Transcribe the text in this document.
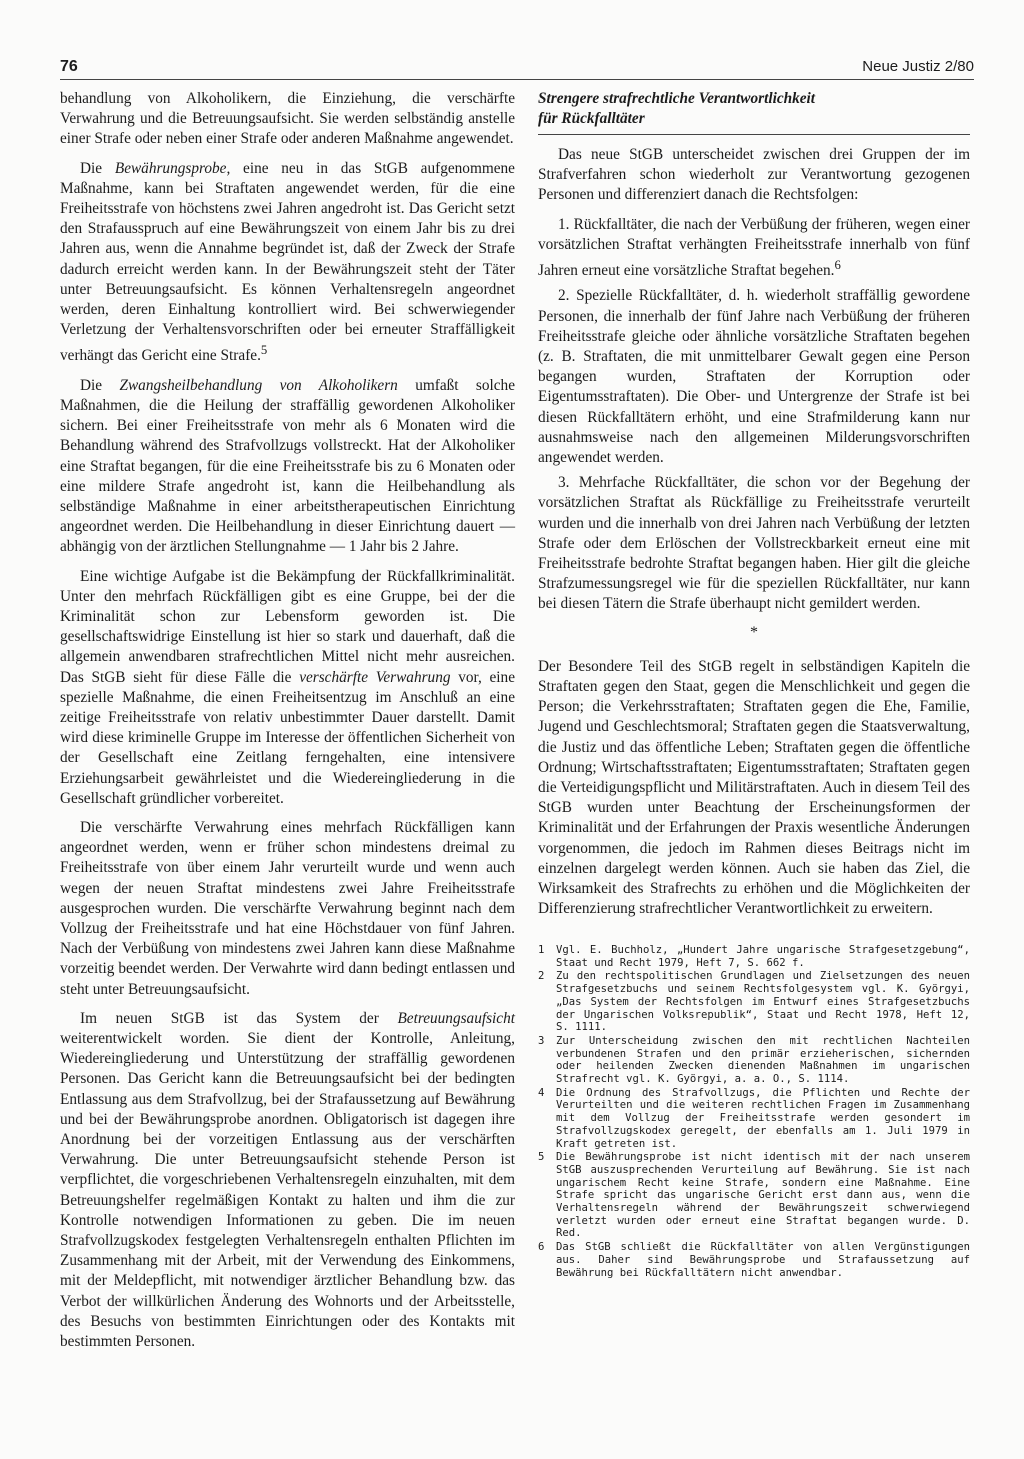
76	Neue Justiz 2/80

behandlung von Alkoholikern, die Einziehung, die verschärfte Verwahrung und die Betreuungsaufsicht. Sie werden selbständig anstelle einer Strafe oder neben einer Strafe oder anderen Maßnahme angewendet.

Die Bewährungsprobe, eine neu in das StGB aufgenommene Maßnahme, kann bei Straftaten angewendet werden, für die eine Freiheitsstrafe von höchstens zwei Jahren angedroht ist. Das Gericht setzt den Strafausspruch auf eine Bewährungszeit von einem Jahr bis zu drei Jahren aus, wenn die Annahme begründet ist, daß der Zweck der Strafe dadurch erreicht werden kann. In der Bewährungszeit steht der Täter unter Betreuungsaufsicht. Es können Verhaltensregeln angeordnet werden, deren Einhaltung kontrolliert wird. Bei schwerwiegender Verletzung der Verhaltensvorschriften oder bei erneuter Straffälligkeit verhängt das Gericht eine Strafe.$^5$

Die Zwangsheilbehandlung von Alkoholikern umfaßt solche Maßnahmen, die die Heilung der straffällig gewordenen Alkoholiker sichern. Bei einer Freiheitsstrafe von mehr als 6 Monaten wird die Behandlung während des Strafvollzugs vollstreckt. Hat der Alkoholiker eine Straftat begangen, für die eine Freiheitsstrafe bis zu 6 Monaten oder eine mildere Strafe angedroht ist, kann die Heilbehandlung als selbständige Maßnahme in einer arbeitstherapeutischen Einrichtung angeordnet werden. Die Heilbehandlung in dieser Einrichtung dauert — abhängig von der ärztlichen Stellungnahme — 1 Jahr bis 2 Jahre.

Eine wichtige Aufgabe ist die Bekämpfung der Rückfallkriminalität. Unter den mehrfach Rückfälligen gibt es eine Gruppe, bei der die Kriminalität schon zur Lebensform geworden ist. Die gesellschaftswidrige Einstellung ist hier so stark und dauerhaft, daß die allgemein anwendbaren strafrechtlichen Mittel nicht mehr ausreichen. Das StGB sieht für diese Fälle die verschärfte Verwahrung vor, eine spezielle Maßnahme, die einen Freiheitsentzug im Anschluß an eine zeitige Freiheitsstrafe von relativ unbestimmter Dauer darstellt. Damit wird diese kriminelle Gruppe im Interesse der öffentlichen Sicherheit von der Gesellschaft eine Zeitlang ferngehalten, eine intensivere Erziehungsarbeit gewährleistet und die Wiedereingliederung in die Gesellschaft gründlicher vorbereitet.

Die verschärfte Verwahrung eines mehrfach Rückfälligen kann angeordnet werden, wenn er früher schon mindestens dreimal zu Freiheitsstrafe von über einem Jahr verurteilt wurde und wenn auch wegen der neuen Straftat mindestens zwei Jahre Freiheitsstrafe ausgesprochen wurden. Die verschärfte Verwahrung beginnt nach dem Vollzug der Freiheitsstrafe und hat eine Höchstdauer von fünf Jahren. Nach der Verbüßung von mindestens zwei Jahren kann diese Maßnahme vorzeitig beendet werden. Der Verwahrte wird dann bedingt entlassen und steht unter Betreuungsaufsicht.

Im neuen StGB ist das System der Betreuungsaufsicht weiterentwickelt worden. Sie dient der Kontrolle, Anleitung, Wiedereingliederung und Unterstützung der straffällig gewordenen Personen. Das Gericht kann die Betreuungsaufsicht bei der bedingten Entlassung aus dem Strafvollzug, bei der Strafaussetzung auf Bewährung und bei der Bewährungsprobe anordnen. Obligatorisch ist dagegen ihre Anordnung bei der vorzeitigen Entlassung aus der verschärften Verwahrung. Die unter Betreuungsaufsicht stehende Person ist verpflichtet, die vorgeschriebenen Verhaltensregeln einzuhalten, mit dem Betreuungshelfer regelmäßigen Kontakt zu halten und ihm die zur Kontrolle notwendigen Informationen zu geben. Die im neuen Strafvollzugskodex festgelegten Verhaltensregeln enthalten Pflichten im Zusammenhang mit der Arbeit, mit der Verwendung des Einkommens, mit der Meldepflicht, mit notwendiger ärztlicher Behandlung bzw. das Verbot der willkürlichen Änderung des Wohnorts und der Arbeitsstelle, des Besuchs von bestimmten Einrichtungen oder des Kontakts mit bestimmten Personen.

Strengere strafrechtliche Verantwortlichkeit
für Rückfalltäter

Das neue StGB unterscheidet zwischen drei Gruppen der im Strafverfahren schon wiederholt zur Verantwortung gezogenen Personen und differenziert danach die Rechtsfolgen:

1. Rückfalltäter, die nach der Verbüßung der früheren, wegen einer vorsätzlichen Straftat verhängten Freiheitsstrafe innerhalb von fünf Jahren erneut eine vorsätzliche Straftat begehen.$^6$

2. Spezielle Rückfalltäter, d. h. wiederholt straffällig gewordene Personen, die innerhalb der fünf Jahre nach Verbüßung der früheren Freiheitsstrafe gleiche oder ähnliche vorsätzliche Straftaten begehen (z. B. Straftaten, die mit unmittelbarer Gewalt gegen eine Person begangen wurden, Straftaten der Korruption oder Eigentumsstraftaten). Die Ober- und Untergrenze der Strafe ist bei diesen Rückfalltätern erhöht, und eine Strafmilderung kann nur ausnahmsweise nach den allgemeinen Milderungsvorschriften angewendet werden.

3. Mehrfache Rückfalltäter, die schon vor der Begehung der vorsätzlichen Straftat als Rückfällige zu Freiheitsstrafe verurteilt wurden und die innerhalb von drei Jahren nach Verbüßung der letzten Strafe oder dem Erlöschen der Vollstreckbarkeit erneut eine mit Freiheitsstrafe bedrohte Straftat begangen haben. Hier gilt die gleiche Strafzumessungsregel wie für die speziellen Rückfalltäter, nur kann bei diesen Tätern die Strafe überhaupt nicht gemildert werden.

*

Der Besondere Teil des StGB regelt in selbständigen Kapiteln die Straftaten gegen den Staat, gegen die Menschlichkeit und gegen die Person; die Verkehrsstraftaten; Straftaten gegen die Ehe, Familie, Jugend und Geschlechtsmoral; Straftaten gegen die Staatsverwaltung, die Justiz und das öffentliche Leben; Straftaten gegen die öffentliche Ordnung; Wirtschaftsstraftaten; Eigentumsstraftaten; Straftaten gegen die Verteidigungspflicht und Militärstraftaten. Auch in diesem Teil des StGB wurden unter Beachtung der Erscheinungsformen der Kriminalität und der Erfahrungen der Praxis wesentliche Änderungen vorgenommen, die jedoch im Rahmen dieses Beitrags nicht im einzelnen dargelegt werden können. Auch sie haben das Ziel, die Wirksamkeit des Strafrechts zu erhöhen und die Möglichkeiten der Differenzierung strafrechtlicher Verantwortlichkeit zu erweitern.

1	Vgl. E. Buchholz, „Hundert Jahre ungarische Strafgesetzgebung“, Staat und Recht 1979, Heft 7, S. 662 f.
2	Zu den rechtspolitischen Grundlagen und Zielsetzungen des neuen Strafgesetzbuchs und seinem Rechtsfolgesystem vgl. K. Györgyi, „Das System der Rechtsfolgen im Entwurf eines Strafgesetzbuchs der Ungarischen Volksrepublik“, Staat und Recht 1978, Heft 12, S. 1111.
3	Zur Unterscheidung zwischen den mit rechtlichen Nachteilen verbundenen Strafen und den primär erzieherischen, sichernden oder heilenden Zwecken dienenden Maßnahmen im ungarischen Strafrecht vgl. K. Györgyi, a. a. O., S. 1114.
4	Die Ordnung des Strafvollzugs, die Pflichten und Rechte der Verurteilten und die weiteren rechtlichen Fragen im Zusammenhang mit dem Vollzug der Freiheitsstrafe werden gesondert im Strafvollzugskodex geregelt, der ebenfalls am 1. Juli 1979 in Kraft getreten ist.
5	Die Bewährungsprobe ist nicht identisch mit der nach unserem StGB auszusprechenden Verurteilung auf Bewährung. Sie ist nach ungarischem Recht keine Strafe, sondern eine Maßnahme. Eine Strafe spricht das ungarische Gericht erst dann aus, wenn die Verhaltensregeln während der Bewährungszeit schwerwiegend verletzt wurden oder erneut eine Straftat begangen wurde. D. Red.
6	Das StGB schließt die Rückfalltäter von allen Vergünstigungen aus. Daher sind Bewährungsprobe und Strafaussetzung auf Bewährung bei Rückfalltätern nicht anwendbar.
